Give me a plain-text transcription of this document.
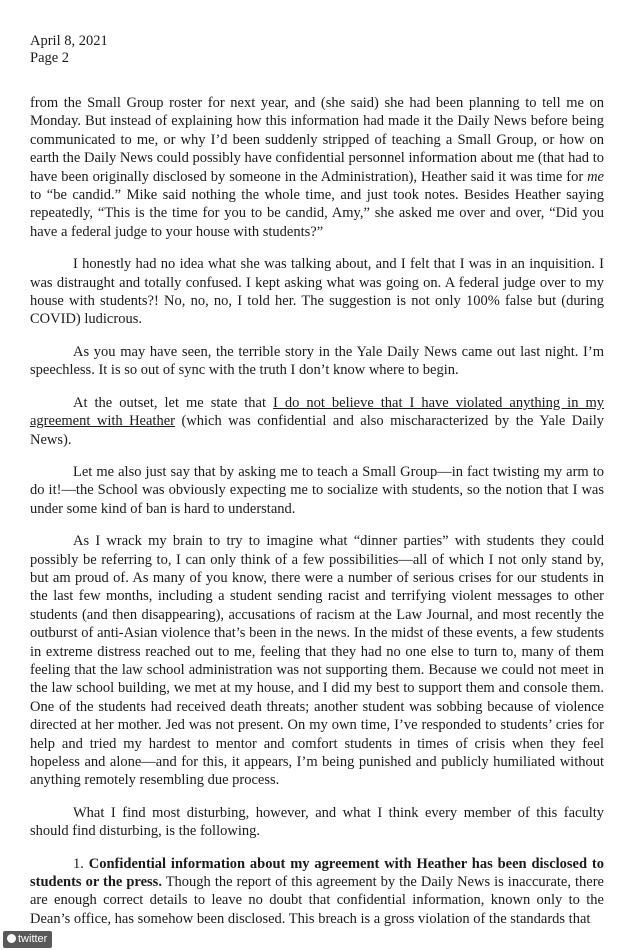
April 8, 2021
Page 2

from the Small Group roster for next year, and (she said) she had been planning to tell me on Monday. But instead of explaining how this information had made it the Daily News before being communicated to me, or why I’d been suddenly stripped of teaching a Small Group, or how on earth the Daily News could possibly have confidential personnel information about me (that had to have been originally disclosed by someone in the Administration), Heather said it was time for me to “be candid.” Mike said nothing the whole time, and just took notes. Besides Heather saying repeatedly, “This is the time for you to be candid, Amy,” she asked me over and over, “Did you have a federal judge to your house with students?”

I honestly had no idea what she was talking about, and I felt that I was in an inquisition. I was distraught and totally confused. I kept asking what was going on. A federal judge over to my house with students?! No, no, no, I told her. The suggestion is not only 100% false but (during COVID) ludicrous.

As you may have seen, the terrible story in the Yale Daily News came out last night. I’m speechless. It is so out of sync with the truth I don’t know where to begin.

At the outset, let me state that I do not believe that I have violated anything in my agreement with Heather (which was confidential and also mischaracterized by the Yale Daily News).

Let me also just say that by asking me to teach a Small Group—in fact twisting my arm to do it!—the School was obviously expecting me to socialize with students, so the notion that I was under some kind of ban is hard to understand.

As I wrack my brain to try to imagine what “dinner parties” with students they could possibly be referring to, I can only think of a few possibilities—all of which I not only stand by, but am proud of. As many of you know, there were a number of serious crises for our students in the last few months, including a student sending racist and terrifying violent messages to other students (and then disappearing), accusations of racism at the Law Journal, and most recently the outburst of anti-Asian violence that’s been in the news. In the midst of these events, a few students in extreme distress reached out to me, feeling that they had no one else to turn to, many of them feeling that the law school administration was not supporting them. Because we could not meet in the law school building, we met at my house, and I did my best to support them and console them. One of the students had received death threats; another student was sobbing because of violence directed at her mother. Jed was not present. On my own time, I’ve responded to students’ cries for help and tried my hardest to mentor and comfort students in times of crisis when they feel hopeless and alone—and for this, it appears, I’m being punished and publicly humiliated without anything remotely resembling due process.

What I find most disturbing, however, and what I think every member of this faculty should find disturbing, is the following.

1. Confidential information about my agreement with Heather has been disclosed to students or the press. Though the report of this agreement by the Daily News is inaccurate, there are enough correct details to leave no doubt that confidential information, known only to the Dean’s office, has somehow been disclosed. This breach is a gross violation of the standards that

twitter
